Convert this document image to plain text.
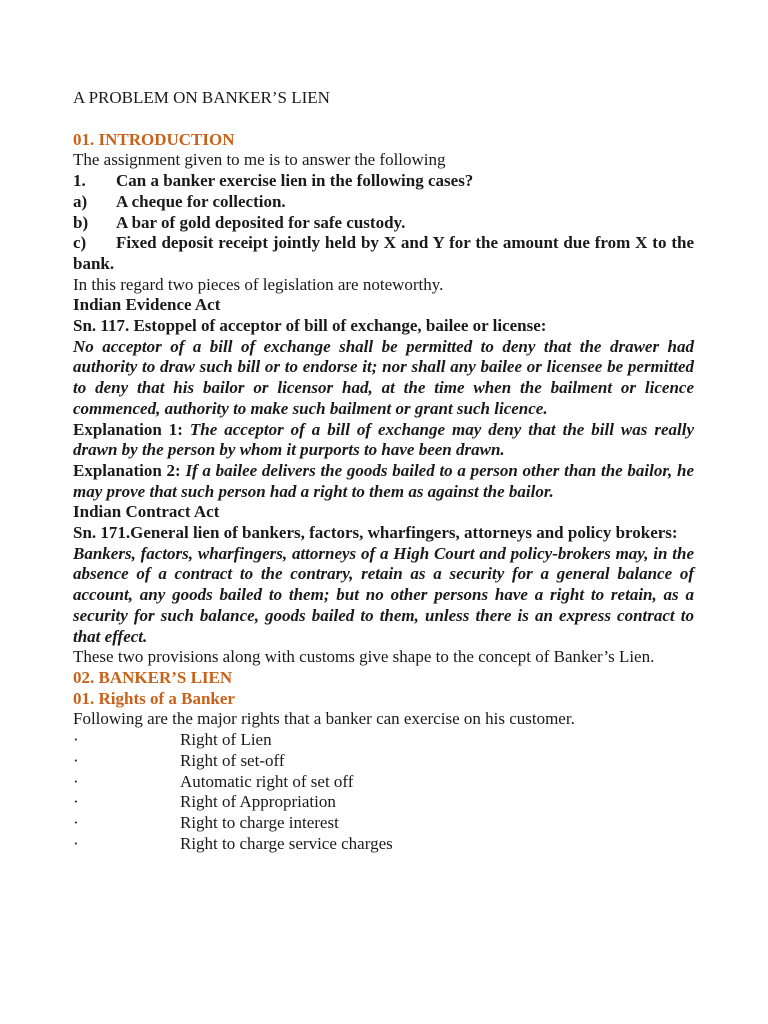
A PROBLEM ON BANKER’S LIEN

01. INTRODUCTION

The assignment given to me is to answer the following

1. Can a banker exercise lien in the following cases?

a) A cheque for collection.

b) A bar of gold deposited for safe custody.

c) Fixed deposit receipt jointly held by X and Y for the amount due from X to the bank.

In this regard two pieces of legislation are noteworthy.

Indian Evidence Act

Sn. 117. Estoppel of acceptor of bill of exchange, bailee or license:

No acceptor of a bill of exchange shall be permitted to deny that the drawer had authority to draw such bill or to endorse it; nor shall any bailee or licensee be permitted to deny that his bailor or licensor had, at the time when the bailment or licence commenced, authority to make such bailment or grant such licence.

Explanation 1: The acceptor of a bill of exchange may deny that the bill was really drawn by the person by whom it purports to have been drawn.

Explanation 2: If a bailee delivers the goods bailed to a person other than the bailor, he may prove that such person had a right to them as against the bailor.

Indian Contract Act

Sn. 171.General lien of bankers, factors, wharfingers, attorneys and policy brokers:

Bankers, factors, wharfingers, attorneys of a High Court and policy-brokers may, in the absence of a contract to the contrary, retain as a security for a general balance of account, any goods bailed to them; but no other persons have a right to retain, as a security for such balance, goods bailed to them, unless there is an express contract to that effect.

These two provisions along with customs give shape to the concept of Banker’s Lien.

02. BANKER’S LIEN

01. Rights of a Banker

Following are the major rights that a banker can exercise on his customer.

·	Right of Lien
·	Right of set-off
·	Automatic right of set off
·	Right of Appropriation
·	Right to charge interest
·	Right to charge service charges
